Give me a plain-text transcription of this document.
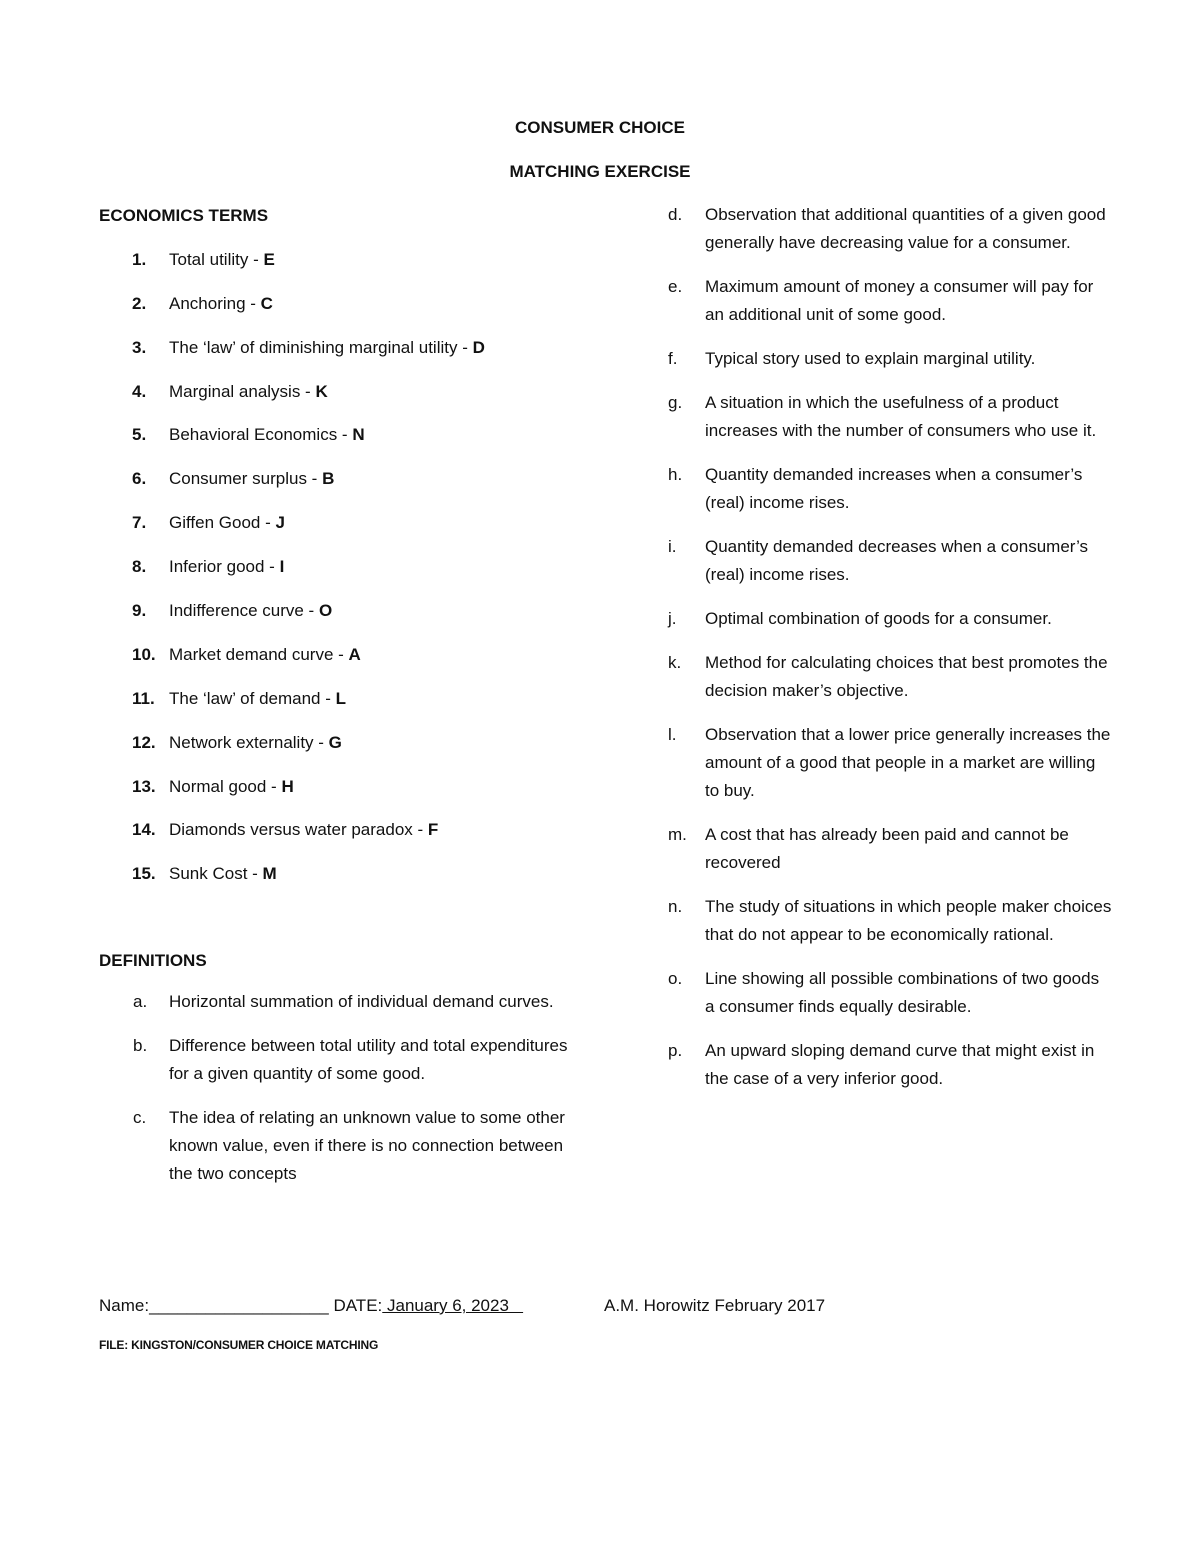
CONSUMER CHOICE
MATCHING EXERCISE

ECONOMICS TERMS

1. Total utility - E
2. Anchoring - C
3. The ‘law’ of diminishing marginal utility - D
4. Marginal analysis - K
5. Behavioral Economics - N
6. Consumer surplus - B
7. Giffen Good - J
8. Inferior good - I
9. Indifference curve - O
10. Market demand curve - A
11. The ‘law’ of demand - L
12. Network externality - G
13. Normal good - H
14. Diamonds versus water paradox - F
15. Sunk Cost - M

DEFINITIONS

a.	Horizontal summation of individual demand curves.
b.	Difference between total utility and total expenditures for a given quantity of some good.
c.	The idea of relating an unknown value to some other known value, even if there is no connection between the two concepts
d.	Observation that additional quantities of a given good generally have decreasing value for a consumer.
e.	Maximum amount of money a consumer will pay for an additional unit of some good.
f.	Typical story used to explain marginal utility.
g.	A situation in which the usefulness of a product increases with the number of consumers who use it.
h.	Quantity demanded increases when a consumer’s (real) income rises.
i.	Quantity demanded decreases when a consumer’s (real) income rises.
j.	Optimal combination of goods for a consumer.
k.	Method for calculating choices that best promotes the decision maker’s objective.
l.	Observation that a lower price generally increases the amount of a good that people in a market are willing to buy.
m.	A cost that has already been paid and cannot be recovered
n.	The study of situations in which people maker choices that do not appear to be economically rational.
o.	Line showing all possible combinations of two goods a consumer finds equally desirable.
p.	An upward sloping demand curve that might exist in the case of a very inferior good.
Name:___________________ DATE: January 6, 2023	A.M. Horowitz February 2017
FILE: KINGSTON/CONSUMER CHOICE MATCHING
